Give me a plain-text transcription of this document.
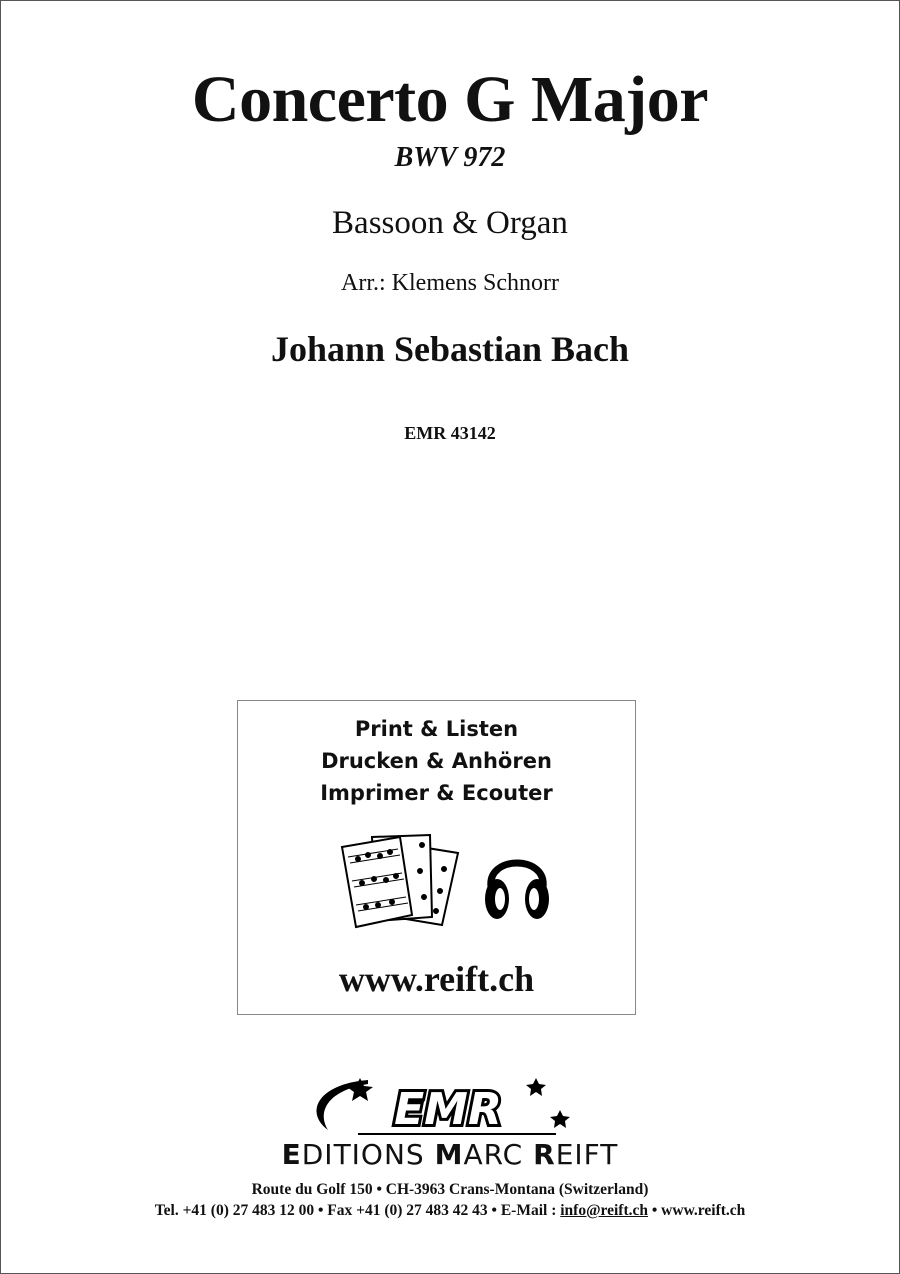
Concerto G Major
BWV 972
Bassoon & Organ
Arr.: Klemens Schnorr
Johann Sebastian Bach
EMR 43142
Print & Listen
Drucken & Anhören
Imprimer & Ecouter
www.reift.ch
EMR
EDITIONS MARC REIFT
Route du Golf 150 • CH-3963 Crans-Montana (Switzerland)
Tel. +41 (0) 27 483 12 00 • Fax +41 (0) 27 483 42 43 • E-Mail : info@reift.ch • www.reift.ch
